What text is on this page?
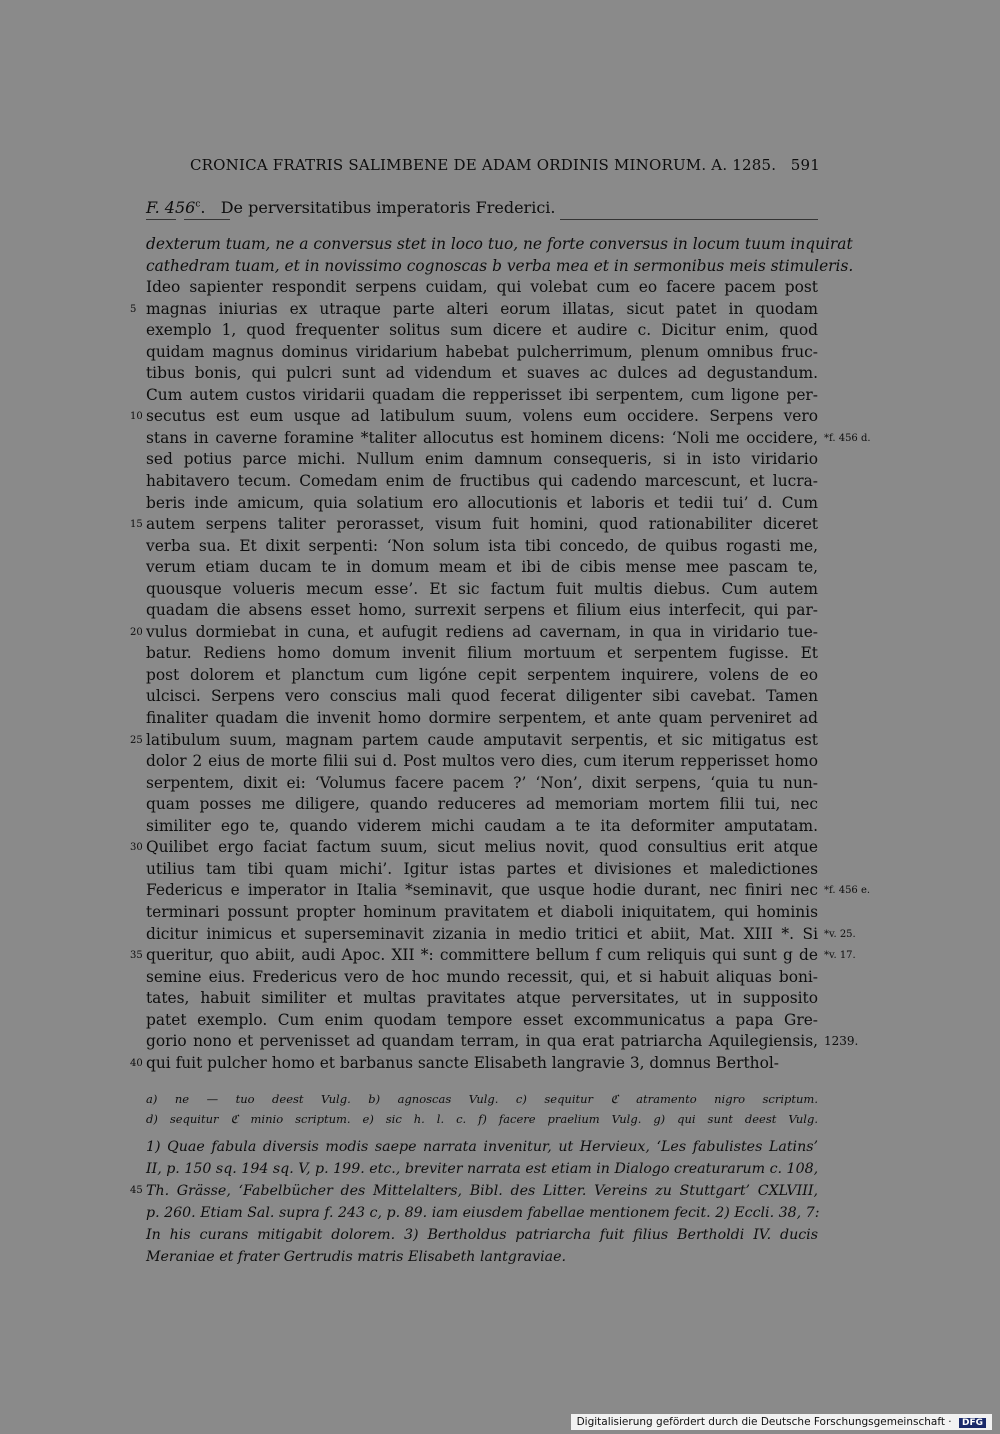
CRONICA FRATRIS SALIMBENE DE ADAM ORDINIS MINORUM. A. 1285. 591
F. 456$^c$.   De perversitatibus imperatoris Frederici.
dexterum tuam, ne a conversus stet in loco tuo, ne forte conversus in locum tuum inquirat
cathedram tuam, et in novissimo cognoscas b verba mea et in sermonibus meis stimuleris.
Ideo sapienter respondit serpens cuidam, qui volebat cum eo facere pacem post
5 magnas iniurias ex utraque parte alteri eorum illatas, sicut patet in quodam
exemplo 1, quod frequenter solitus sum dicere et audire c. Dicitur enim, quod
quidam magnus dominus viridarium habebat pulcherrimum, plenum omnibus fruc-
tibus bonis, qui pulcri sunt ad videndum et suaves ac dulces ad degustandum.
Cum autem custos viridarii quadam die repperisset ibi serpentem, cum ligone per-
10 secutus est eum usque ad latibulum suum, volens eum occidere. Serpens vero
stans in caverne foramine *taliter allocutus est hominem dicens: ‘Noli me occidere, *f. 456 d.
sed potius parce michi. Nullum enim damnum consequeris, si in isto viridario
habitavero tecum. Comedam enim de fructibus qui cadendo marcescunt, et lucra-
beris inde amicum, quia solatium ero allocutionis et laboris et tedii tui’ d. Cum
15 autem serpens taliter perorasset, visum fuit homini, quod rationabiliter diceret
verba sua. Et dixit serpenti: ‘Non solum ista tibi concedo, de quibus rogasti me,
verum etiam ducam te in domum meam et ibi de cibis mense mee pascam te,
quousque volueris mecum esse’. Et sic factum fuit multis diebus. Cum autem
quadam die absens esset homo, surrexit serpens et filium eius interfecit, qui par-
20 vulus dormiebat in cuna, et aufugit rediens ad cavernam, in qua in viridario tue-
batur. Rediens homo domum invenit filium mortuum et serpentem fugisse. Et
post dolorem et planctum cum ligóne cepit serpentem inquirere, volens de eo
ulcisci. Serpens vero conscius mali quod fecerat diligenter sibi cavebat. Tamen
finaliter quadam die invenit homo dormire serpentem, et ante quam perveniret ad
25 latibulum suum, magnam partem caude amputavit serpentis, et sic mitigatus est
dolor 2 eius de morte filii sui d. Post multos vero dies, cum iterum repperisset homo
serpentem, dixit ei: ‘Volumus facere pacem ?’ ‘Non’, dixit serpens, ‘quia tu nun-
quam posses me diligere, quando reduceres ad memoriam mortem filii tui, nec
similiter ego te, quando viderem michi caudam a te ita deformiter amputatam.
30 Quilibet ergo faciat factum suum, sicut melius novit, quod consultius erit atque
utilius tam tibi quam michi’. Igitur istas partes et divisiones et maledictiones
Federicus e imperator in Italia *seminavit, que usque hodie durant, nec finiri nec *f. 456 e.
terminari possunt propter hominum pravitatem et diaboli iniquitatem, qui hominis
dicitur inimicus et superseminavit zizania in medio tritici et abiit, Mat. XIII *. Si *v. 25.
35 queritur, quo abiit, audi Apoc. XII *: committere bellum f cum reliquis qui sunt g de *v. 17.
semine eius. Fredericus vero de hoc mundo recessit, qui, et si habuit aliquas boni-
tates, habuit similiter et multas pravitates atque perversitates, ut in supposito
patet exemplo. Cum enim quodam tempore esset excommunicatus a papa Gre-
gorio nono et pervenisset ad quandam terram, in qua erat patriarcha Aquilegiensis, 1239.
40 qui fuit pulcher homo et barbanus sancte Elisabeth langravie 3, domnus Berthol-
a) ne — tuo deest Vulg. b) agnoscas Vulg. c) sequitur ℭ atramento nigro scriptum.
d) sequitur ℭ minio scriptum. e) sic h. l. c. f) facere praelium Vulg. g) qui sunt deest Vulg.
1) Quae fabula diversis modis saepe narrata invenitur, ut Hervieux, ‘Les fabulistes Latins’
II, p. 150 sq. 194 sq. V, p. 199. etc., breviter narrata est etiam in Dialogo creaturarum c. 108,
45 Th. Grässe, ‘Fabelbücher des Mittelalters, Bibl. des Litter. Vereins zu Stuttgart’ CXLVIII,
p. 260. Etiam Sal. supra f. 243 c, p. 89. iam eiusdem fabellae mentionem fecit. 2) Eccli. 38, 7:
In his curans mitigabit dolorem. 3) Bertholdus patriarcha fuit filius Bertholdi IV. ducis
Meraniae et frater Gertrudis matris Elisabeth lantgraviae.
Digitalisierung gefördert durch die Deutsche Forschungsgemeinschaft · DFG
